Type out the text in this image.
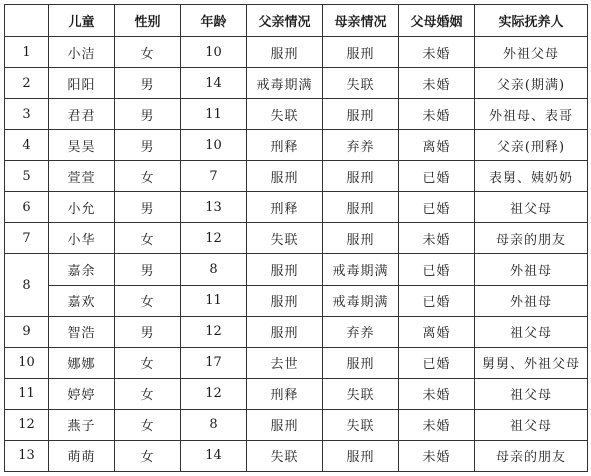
	儿童	性别	年龄	父亲情况	母亲情况	父母婚姻	实际抚养人
1	小洁	女	10	服刑	服刑	未婚	外祖父母
2	阳阳	男	14	戒毒期满	失联	未婚	父亲(期满)
3	君君	男	11	失联	服刑	未婚	外祖母、表哥
4	昊昊	男	10	刑释	弃养	离婚	父亲(刑释)
5	萱萱	女	7	服刑	服刑	已婚	表舅、姨奶奶
6	小允	男	13	刑释	服刑	已婚	祖父母
7	小华	女	12	失联	服刑	未婚	母亲的朋友
8	嘉余	男	8	服刑	戒毒期满	已婚	外祖母
	嘉欢	女	11	服刑	戒毒期满	已婚	外祖母
9	智浩	男	12	服刑	弃养	离婚	祖父母
10	娜娜	女	17	去世	服刑	已婚	舅舅、外祖父母
11	婷婷	女	12	刑释	失联	未婚	祖父母
12	燕子	女	8	服刑	失联	未婚	祖父母
13	萌萌	女	14	失联	服刑	未婚	母亲的朋友
